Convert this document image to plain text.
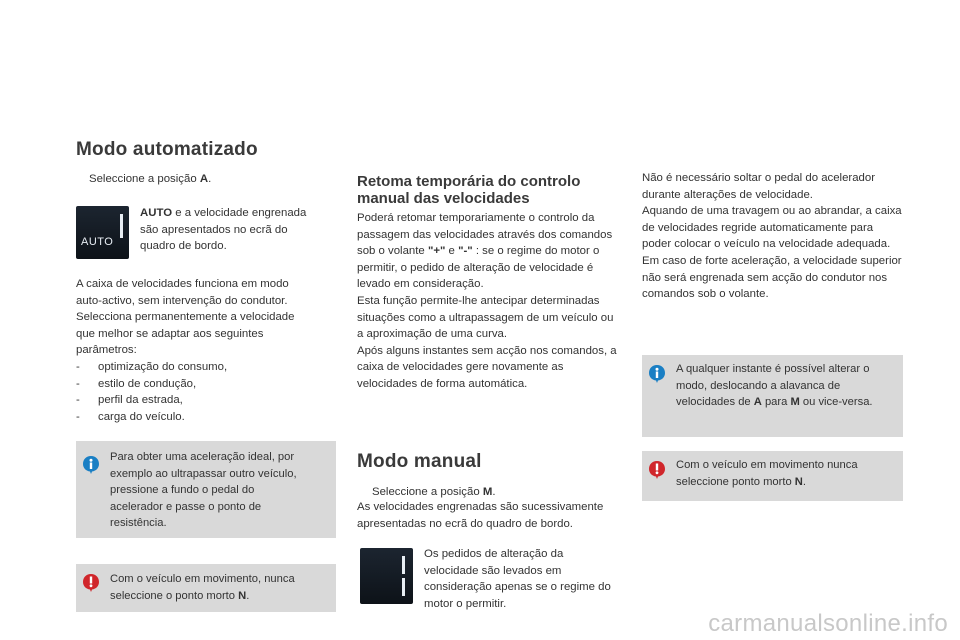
Modo automatizado
Seleccione a posição A.
AUTO
AUTO e a velocidade engrenada são apresentados no ecrã do quadro de bordo.
A caixa de velocidades funciona em modo
auto-activo, sem intervenção do condutor.
Selecciona permanentemente a velocidade
que melhor se adaptar aos seguintes
parâmetros:
- optimização do consumo,
- estilo de condução,
- perfil da estrada,
- carga do veículo.
Para obter uma aceleração ideal, por exemplo ao ultrapassar outro veículo, pressione a fundo o pedal do acelerador e passe o ponto de resistência.
Com o veículo em movimento, nunca seleccione o ponto morto N.
Retoma temporária do controlo manual das velocidades
Poderá retomar temporariamente o controlo da passagem das velocidades através dos comandos sob o volante "+" e "-" : se o regime do motor o permitir, o pedido de alteração de velocidade é levado em consideração.
Esta função permite-lhe antecipar determinadas situações como a ultrapassagem de um veículo ou a aproximação de uma curva.
Após alguns instantes sem acção nos comandos, a caixa de velocidades gere novamente as velocidades de forma automática.
Modo manual
Seleccione a posição M.
As velocidades engrenadas são sucessivamente apresentadas no ecrã do quadro de bordo.
Os pedidos de alteração da velocidade são levados em consideração apenas se o regime do motor o permitir.
Não é necessário soltar o pedal do acelerador durante alterações de velocidade.
Aquando de uma travagem ou ao abrandar, a caixa de velocidades regride automaticamente para poder colocar o veículo na velocidade adequada.
Em caso de forte aceleração, a velocidade superior não será engrenada sem acção do condutor nos comandos sob o volante.
A qualquer instante é possível alterar o modo, deslocando a alavanca de velocidades de A para M ou vice-versa.
Com o veículo em movimento nunca seleccione ponto morto N.
carmanualsonline.info
